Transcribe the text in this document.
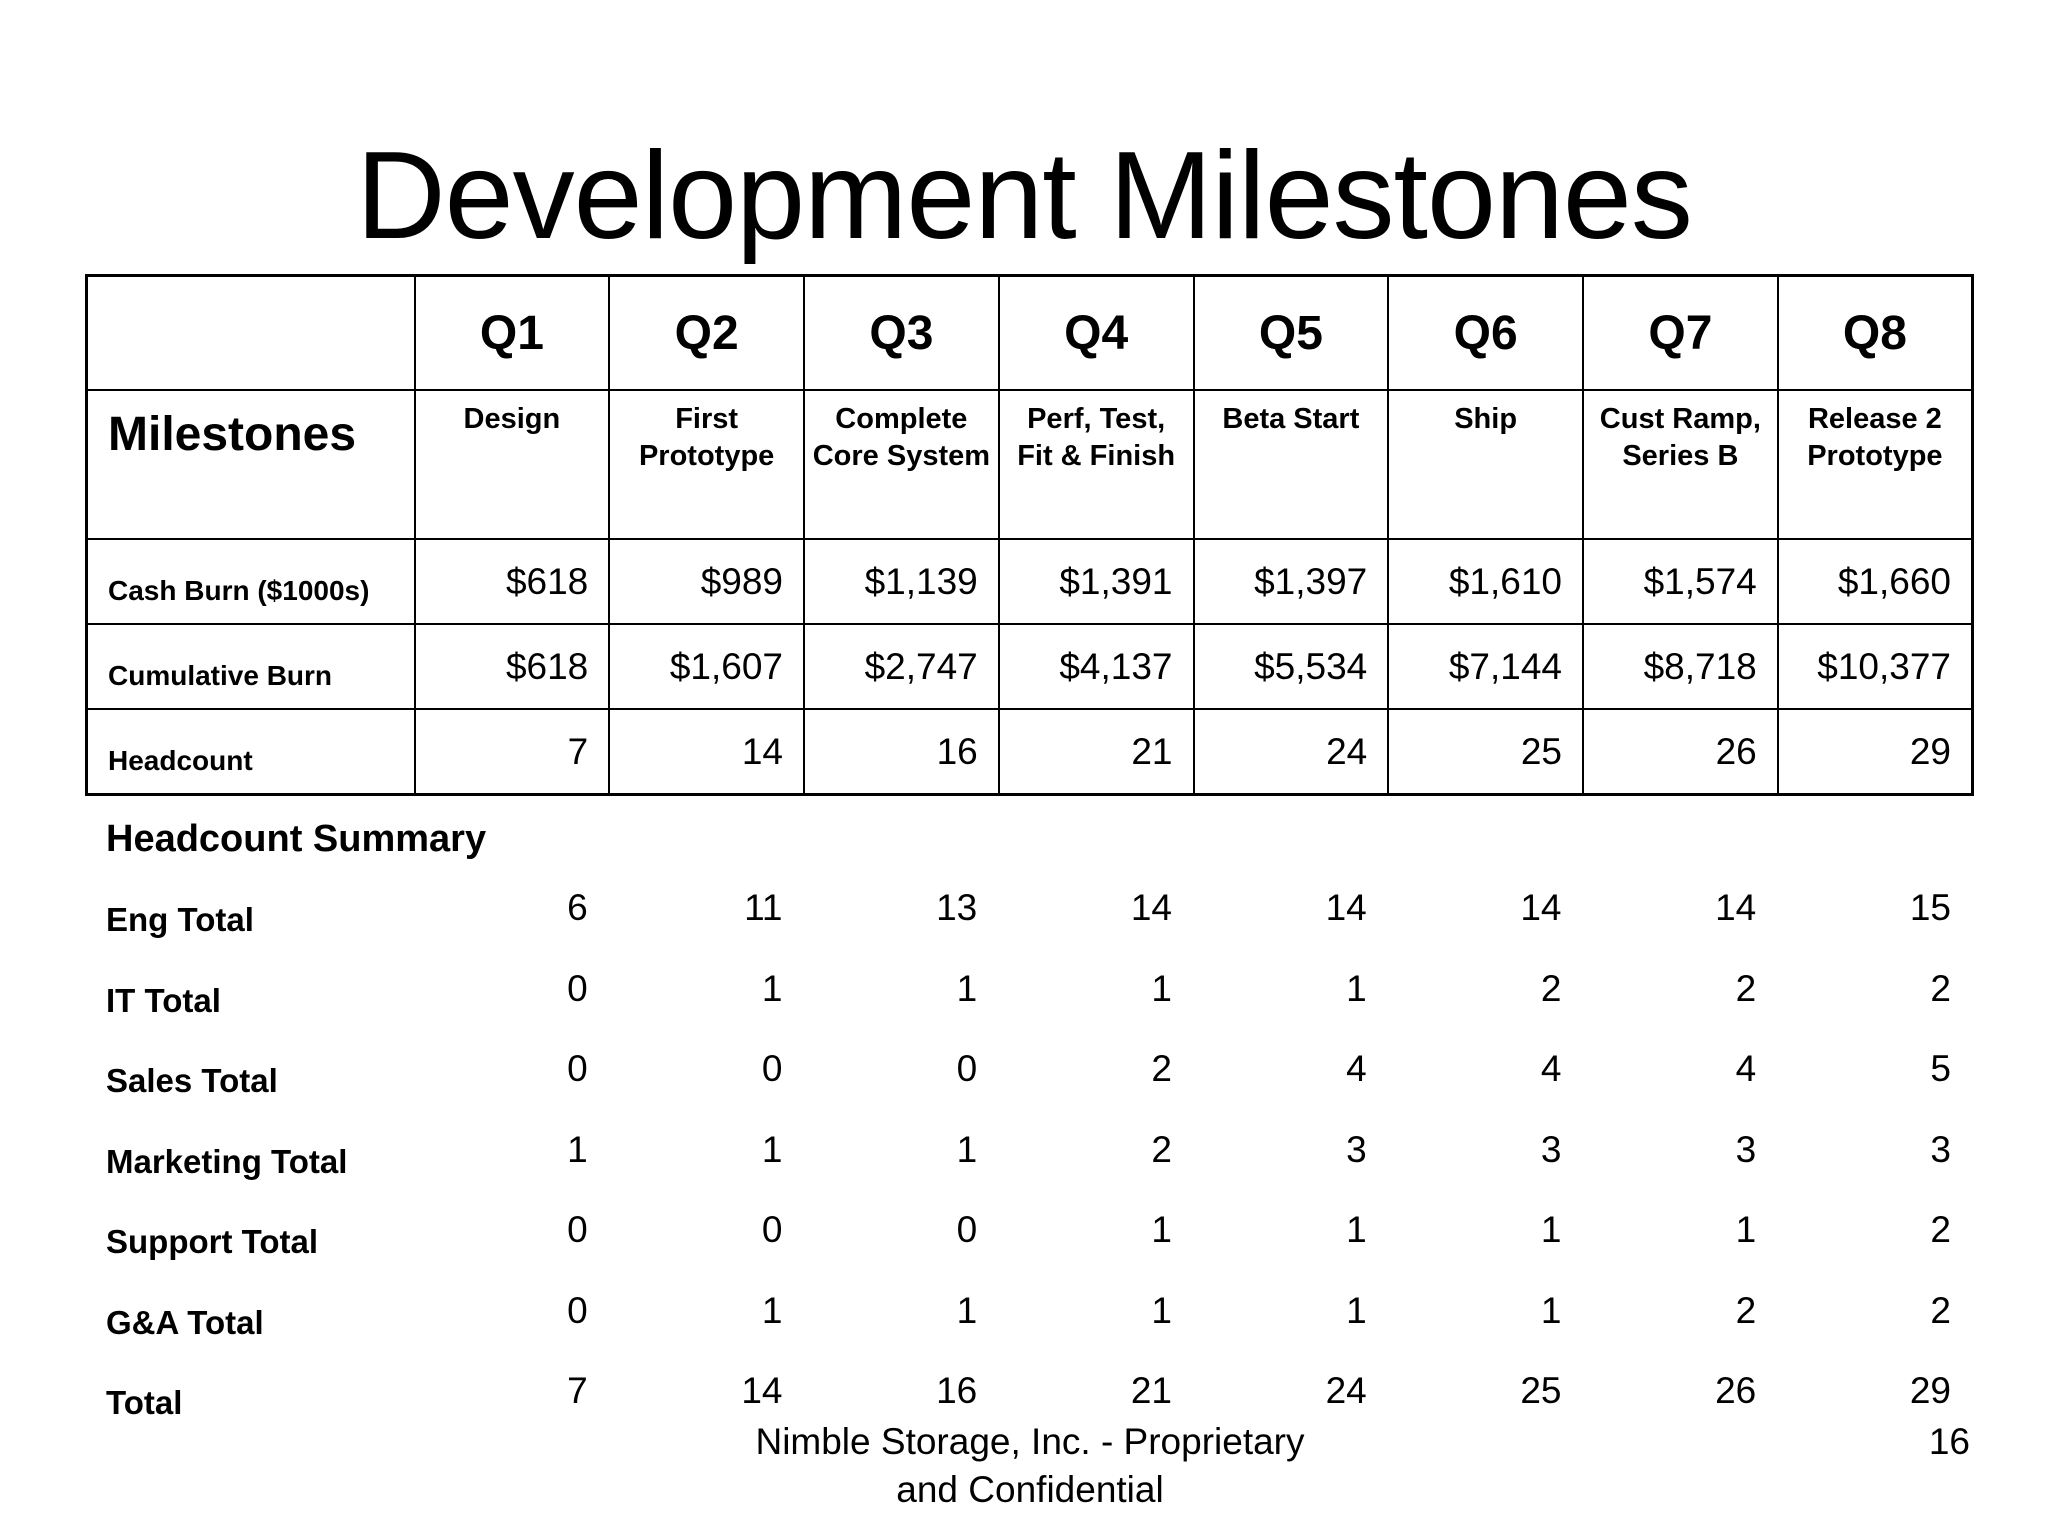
Development Milestones
	Q1	Q2	Q3	Q4	Q5	Q6	Q7	Q8
Milestones	Design	First Prototype	Complete Core System	Perf, Test, Fit & Finish	Beta Start	Ship	Cust Ramp, Series B	Release 2 Prototype
Cash Burn ($1000s)	$618	$989	$1,139	$1,391	$1,397	$1,610	$1,574	$1,660
Cumulative Burn	$618	$1,607	$2,747	$4,137	$5,534	$7,144	$8,718	$10,377
Headcount	7	14	16	21	24	25	26	29
Headcount Summary
Eng Total	6	11	13	14	14	14	14	15
IT Total	0	1	1	1	1	2	2	2
Sales Total	0	0	0	2	4	4	4	5
Marketing Total	1	1	1	2	3	3	3	3
Support Total	0	0	0	1	1	1	1	2
G&A Total	0	1	1	1	1	1	2	2
Total	7	14	16	21	24	25	26	29
Nimble Storage, Inc. - Proprietary
and Confidential
16
